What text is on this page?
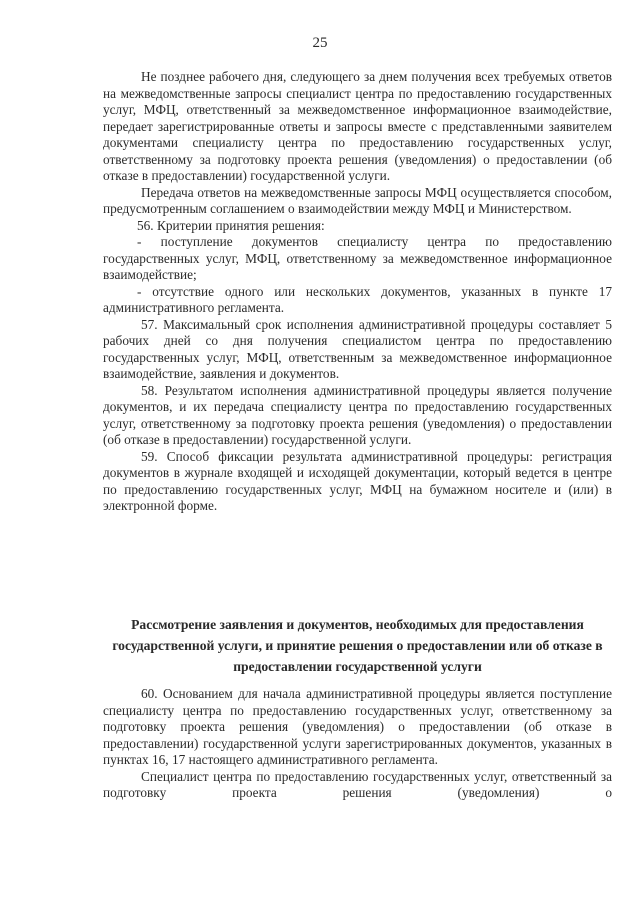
25

Не позднее рабочего дня, следующего за днем получения всех требуемых ответов на межведомственные запросы специалист центра по предоставлению государственных услуг, МФЦ, ответственный за межведомственное информационное взаимодействие, передает зарегистрированные ответы и запросы вместе с представленными заявителем документами специалисту центра по предоставлению государственных услуг, ответственному за подготовку проекта решения (уведомления) о предоставлении (об отказе в предоставлении) государственной услуги.

Передача ответов на межведомственные запросы МФЦ осуществляется способом, предусмотренным соглашением о взаимодействии между МФЦ и Министерством.

56. Критерии принятия решения:

- поступление документов специалисту центра по предоставлению государственных услуг, МФЦ, ответственному за межведомственное информационное взаимодействие;

- отсутствие одного или нескольких документов, указанных в пункте 17 административного регламента.

57. Максимальный срок исполнения административной процедуры составляет 5 рабочих дней со дня получения специалистом центра по предоставлению государственных услуг, МФЦ, ответственным за межведомственное информационное взаимодействие, заявления и документов.

58. Результатом исполнения административной процедуры является получение документов, и их передача специалисту центра по предоставлению государственных услуг, ответственному за подготовку проекта решения (уведомления) о предоставлении (об отказе в предоставлении) государственной услуги.

59. Способ фиксации результата административной процедуры: регистрация документов в журнале входящей и исходящей документации, который ведется в центре по предоставлению государственных услуг, МФЦ на бумажном носителе и (или) в электронной форме.

Рассмотрение заявления и документов, необходимых для предоставления государственной услуги, и принятие решения о предоставлении или об отказе в предоставлении государственной услуги

60. Основанием для начала административной процедуры является поступление специалисту центра по предоставлению государственных услуг, ответственному за подготовку проекта решения (уведомления) о предоставлении (об отказе в предоставлении) государственной услуги зарегистрированных документов, указанных в пунктах 16, 17 настоящего административного регламента.

Специалист центра по предоставлению государственных услуг, ответственный за подготовку проекта решения (уведомления) о
